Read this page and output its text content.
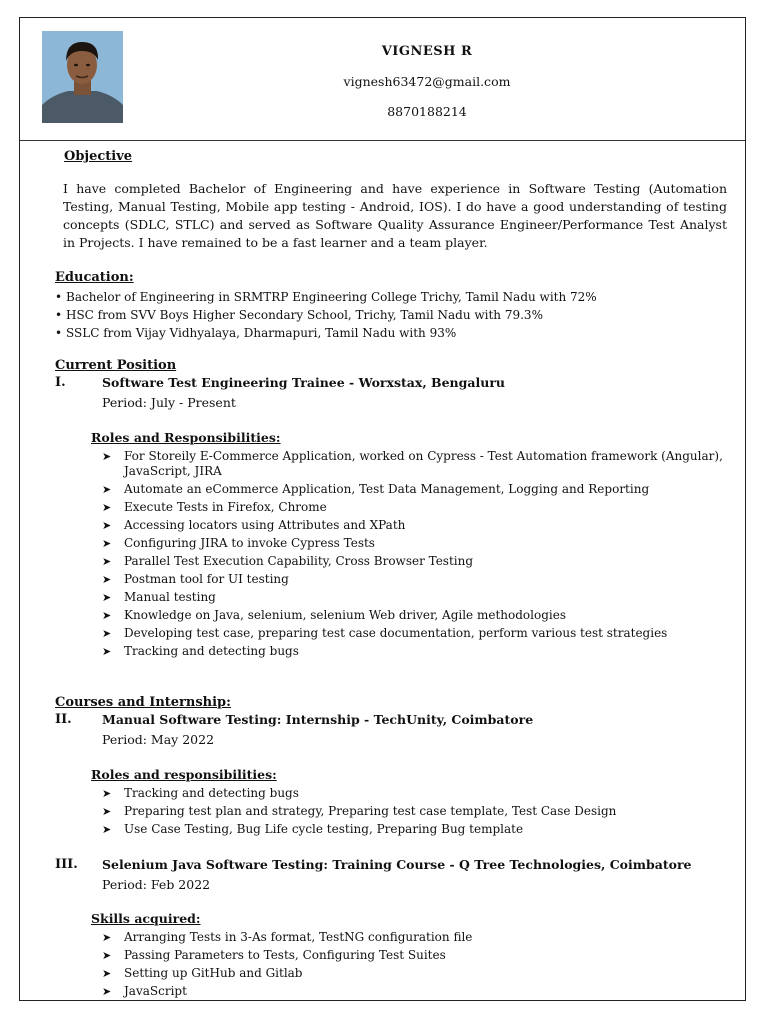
VIGNESH R
vignesh63472@gmail.com
8870188214
Objective
I have completed Bachelor of Engineering and have experience in Software Testing (Automation Testing, Manual Testing, Mobile app testing - Android, IOS). I do have a good understanding of testing concepts (SDLC, STLC) and served as Software Quality Assurance Engineer/Performance Test Analyst in Projects. I have remained to be a fast learner and a team player.
Education:
• Bachelor of Engineering in SRMTRP Engineering College Trichy, Tamil Nadu with 72%
• HSC from SVV Boys Higher Secondary School, Trichy, Tamil Nadu with 79.3%
• SSLC from Vijay Vidhyalaya, Dharmapuri, Tamil Nadu with 93%
Current Position
I.	Software Test Engineering Trainee - Worxstax, Bengaluru
Period: July - Present
Roles and Responsibilities:
➤ For Storeily E-Commerce Application, worked on Cypress - Test Automation framework (Angular), JavaScript, JIRA
➤ Automate an eCommerce Application, Test Data Management, Logging and Reporting
➤ Execute Tests in Firefox, Chrome
➤ Accessing locators using Attributes and XPath
➤ Configuring JIRA to invoke Cypress Tests
➤ Parallel Test Execution Capability, Cross Browser Testing
➤ Postman tool for UI testing
➤ Manual testing
➤ Knowledge on Java, selenium, selenium Web driver, Agile methodologies
➤ Developing test case, preparing test case documentation, perform various test strategies
➤ Tracking and detecting bugs
Courses and Internship:
II. Manual Software Testing: Internship - TechUnity, Coimbatore
Period: May 2022
Roles and responsibilities:
➤ Tracking and detecting bugs
➤ Preparing test plan and strategy, Preparing test case template, Test Case Design
➤ Use Case Testing, Bug Life cycle testing, Preparing Bug template
III. Selenium Java Software Testing: Training Course - Q Tree Technologies, Coimbatore
Period: Feb 2022
Skills acquired:
➤ Arranging Tests in 3-As format, TestNG configuration file
➤ Passing Parameters to Tests, Configuring Test Suites
➤ Setting up GitHub and Gitlab
➤ JavaScript
